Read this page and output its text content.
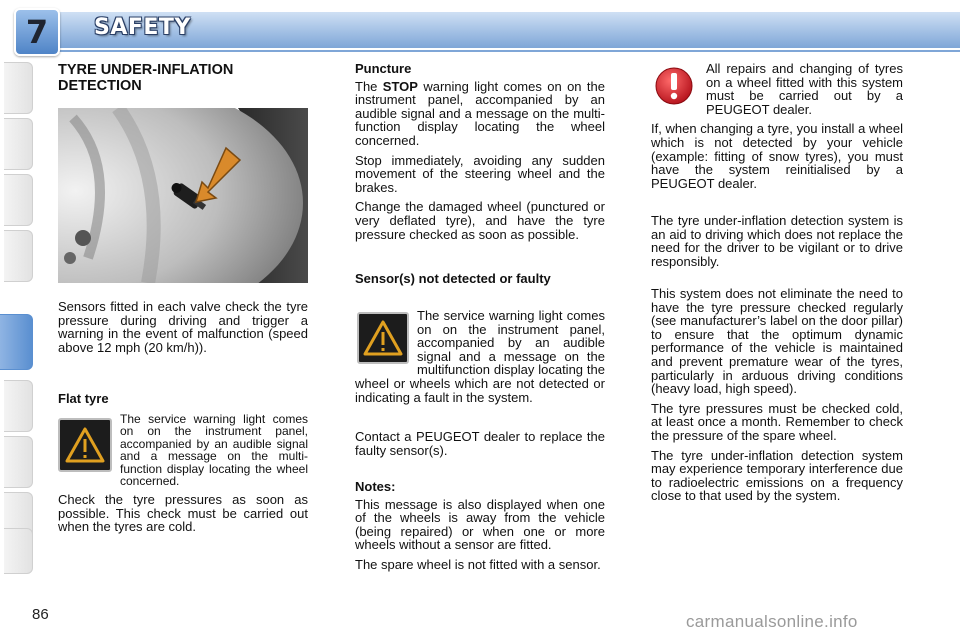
7 SAFETY
TYRE UNDER-INFLATION DETECTION

Sensors fitted in each valve check the tyre pressure during driving and trigger a warning in the event of malfunction (speed above 12 mph (20 km/h)).

Flat tyre

The service warning light comes on on the instrument panel, accompanied by an audible signal and a message on the multi-function display locating the wheel concerned.

Check the tyre pressures as soon as possible. This check must be carried out when the tyres are cold.

Puncture

The STOP warning light comes on on the instrument panel, accompanied by an audible signal and a message on the multi-function display locating the wheel concerned.

Stop immediately, avoiding any sudden movement of the steering wheel and the brakes.

Change the damaged wheel (punctured or very deflated tyre), and have the tyre pressure checked as soon as possible.

Sensor(s) not detected or faulty

The service warning light comes on on the instrument panel, accompanied by an audible signal and a message on the multifunction display locating the wheel or wheels which are not detected or indicating a fault in the system.

Contact a PEUGEOT dealer to replace the faulty sensor(s).

Notes:

This message is also displayed when one of the wheels is away from the vehicle (being repaired) or when one or more wheels without a sensor are fitted.

The spare wheel is not fitted with a sensor.

All repairs and changing of tyres on a wheel fitted with this system must be carried out by a PEUGEOT dealer.

If, when changing a tyre, you install a wheel which is not detected by your vehicle (example: fitting of snow tyres), you must have the system reinitialised by a PEUGEOT dealer.

The tyre under-inflation detection system is an aid to driving which does not replace the need for the driver to be vigilant or to drive responsibly.

This system does not eliminate the need to have the tyre pressure checked regularly (see manufacturer’s label on the door pillar) to ensure that the optimum dynamic performance of the vehicle is maintained and prevent premature wear of the tyres, particularly in arduous driving conditions (heavy load, high speed).

The tyre pressures must be checked cold, at least once a month. Remember to check the pressure of the spare wheel.

The tyre under-inflation detection system may experience temporary interference due to radioelectric emissions on a frequency close to that used by the system.

86	carmanualsonline.info
